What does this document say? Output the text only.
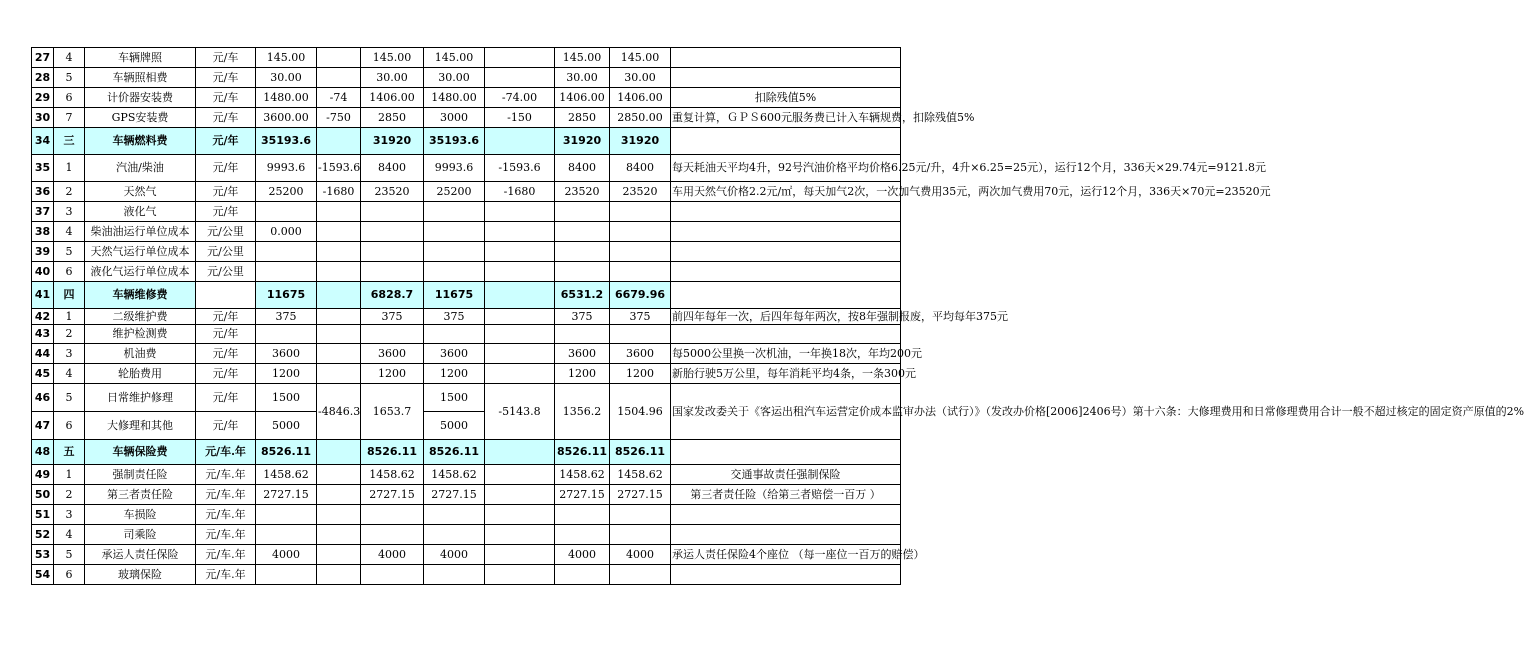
27	4	车辆牌照	元/车	145.00		145.00	145.00		145.00	145.00	
28	5	车辆照相费	元/车	30.00		30.00	30.00		30.00	30.00	
29	6	计价器安装费	元/车	1480.00	-74	1406.00	1480.00	-74.00	1406.00	1406.00	扣除残值5%
30	7	GPS安装费	元/车	3600.00	-750	2850	3000	-150	2850	2850.00	重复计算，ＧＰＳ600元服务费已计入车辆规费，扣除残值5%
34	三	车辆燃料费	元/年	35193.6		31920	35193.6		31920	31920	
35	1	汽油/柴油	元/年	9993.6	-1593.6	8400	9993.6	-1593.6	8400	8400	每天耗油天平均4升，92号汽油价格平均价格6.25元/升，4升×6.25=25元），运行12个月，336天×29.74元=9121.8元
36	2	天然气	元/年	25200	-1680	23520	25200	-1680	23520	23520	车用天然气价格2.2元/㎡，每天加气2次，一次加气费用35元，两次加气费用70元，运行12个月，336天×70元=23520元
37	3	液化气	元/年								
38	4	柴油油运行单位成本	元/公里	0.000							
39	5	天然气运行单位成本	元/公里								
40	6	液化气运行单位成本	元/公里								
41	四	车辆维修费		11675		6828.7	11675		6531.2	6679.96	
42	1	二级维护费	元/年	375		375	375		375	375	前四年每年一次，后四年每年两次，按8年强制报废，平均每年375元
43	2	维护检测费	元/年								
44	3	机油费	元/年	3600		3600	3600		3600	3600	每5000公里换一次机油，一年换18次，年均200元
45	4	轮胎费用	元/年	1200		1200	1200		1200	1200	新胎行驶5万公里，每年消耗平均4条，一条300元
46	5	日常维护修理	元/年	1500	-4846.3	1653.7	1500	-5143.8	1356.2	1504.96	国家发改委关于《客运出租汽车运营定价成本监审办法（试行）》（发改办价格[2006]2406号）第十六条：大修理费用和日常修理费用合计一般不超过核定的固定资产原值的2%
47	6	大修理和其他	元/年	5000			5000				
48	五	车辆保险费	元/车.年	8526.11		8526.11	8526.11		8526.11	8526.11	
49	1	强制责任险	元/车.年	1458.62		1458.62	1458.62		1458.62	1458.62	交通事故责任强制保险
50	2	第三者责任险	元/车.年	2727.15		2727.15	2727.15		2727.15	2727.15	第三者责任险（给第三者赔偿一百万 ）
51	3	车损险	元/车.年								
52	4	司乘险	元/车.年								
53	5	承运人责任保险	元/车.年	4000		4000	4000		4000	4000	承运人责任保险4个座位 （每一座位一百万的赔偿）
54	6	玻璃保险	元/车.年								
